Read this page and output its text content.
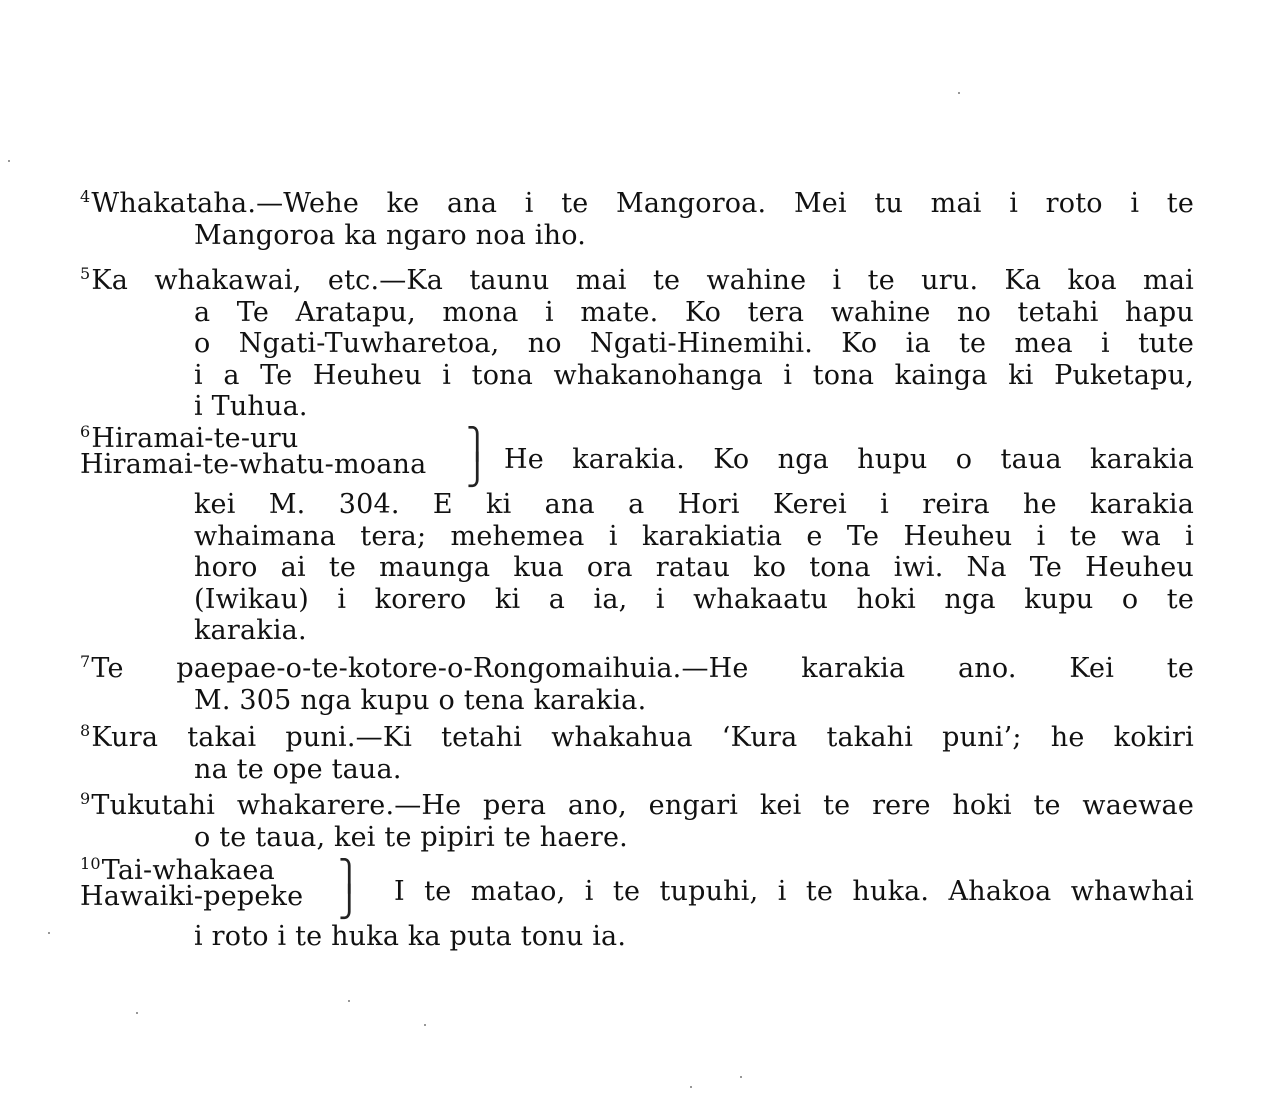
$^4$Whakataha.—Wehe ke ana i te Mangoroa. Mei tu mai i roto i te
Mangoroa ka ngaro noa iho.
$^5$Ka whakawai, etc.—Ka taunu mai te wahine i te uru. Ka koa mai
a Te Aratapu, mona i mate. Ko tera wahine no tetahi hapu
o Ngati-Tuwharetoa, no Ngati-Hinemihi. Ko ia te mea i tute
i a Te Heuheu i tona whakanohanga i tona kainga ki Puketapu,
i Tuhua.
$^6$Hiramai-te-uru
Hiramai-te-whatu-moana
⎫
⎭ He karakia. Ko nga hupu o taua karakia
kei M. 304. E ki ana a Hori Kerei i reira he karakia
whaimana tera; mehemea i karakiatia e Te Heuheu i te wa i
horo ai te maunga kua ora ratau ko tona iwi. Na Te Heuheu
(Iwikau) i korero ki a ia, i whakaatu hoki nga kupu o te
karakia.
$^7$Te paepae-o-te-kotore-o-Rongomaihuia.—He karakia ano. Kei te
M. 305 nga kupu o tena karakia.
$^8$Kura takai puni.—Ki tetahi whakahua ‘Kura takahi puni’; he kokiri
na te ope taua.
$^9$Tukutahi whakarere.—He pera ano, engari kei te rere hoki te waewae
o te taua, kei te pipiri te haere.
$^{10}$Tai-whakaea
Hawaiki-pepeke
⎫
⎭ I te matao, i te tupuhi, i te huka. Ahakoa whawhai
i roto i te huka ka puta tonu ia.
